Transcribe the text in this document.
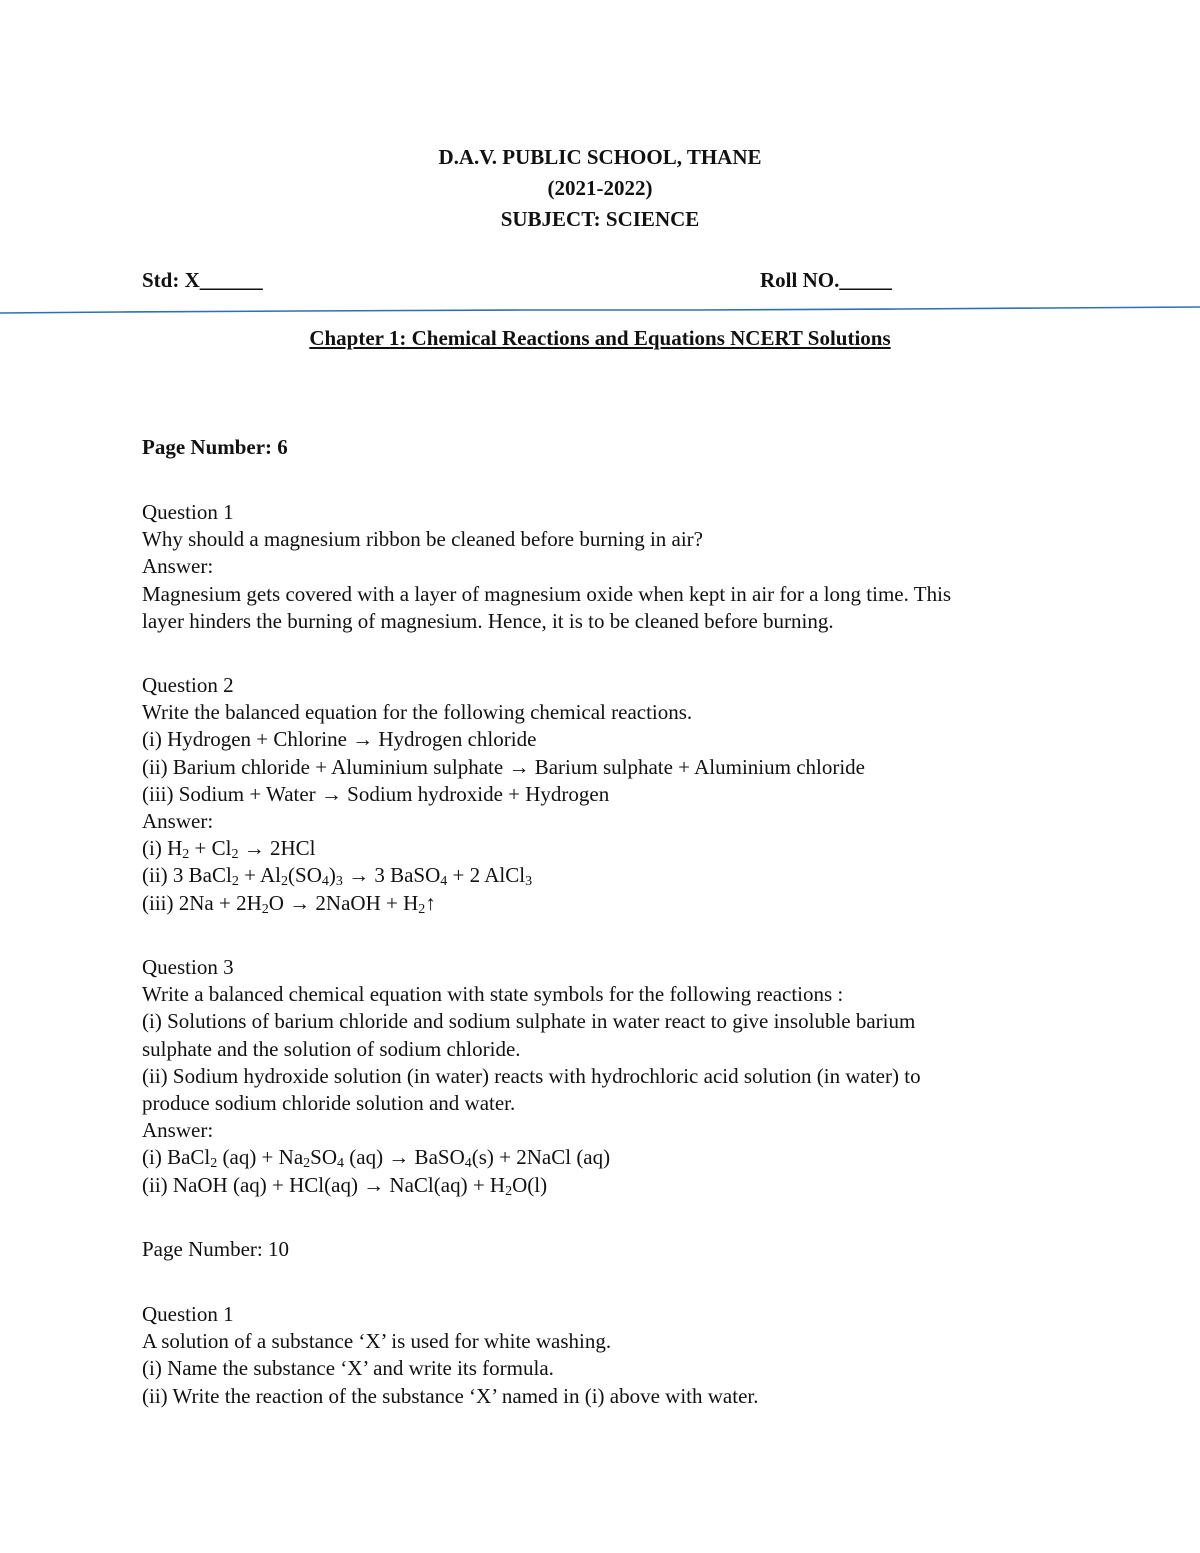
D.A.V. PUBLIC SCHOOL, THANE
(2021-2022)
SUBJECT: SCIENCE
Std: X______	Roll NO._____
Chapter 1: Chemical Reactions and Equations NCERT Solutions

Page Number: 6

Question 1

Why should a magnesium ribbon be cleaned before burning in air?

Answer:

Magnesium gets covered with a layer of magnesium oxide when kept in air for a long time. This

layer hinders the burning of magnesium. Hence, it is to be cleaned before burning.

Question 2

Write the balanced equation for the following chemical reactions.

(i) Hydrogen + Chlorine → Hydrogen chloride

(ii) Barium chloride + Aluminium sulphate → Barium sulphate + Aluminium chloride

(iii) Sodium + Water → Sodium hydroxide + Hydrogen

Answer:

(i) $H_2 + Cl_2 \to 2HCl$

(ii) 3 BaCl$_2$ + $Al_2(SO_4)_3 \to 3$ BaSO$_4$ + 2 AlCl$_3$

(iii) $2Na + 2H_2O$ → 2NaOH + $H_2↑$

Question 3

Write a balanced chemical equation with state symbols for the following reactions :

(i) Solutions of barium chloride and sodium sulphate in water react to give insoluble barium

sulphate and the solution of sodium chloride.

(ii) Sodium hydroxide solution (in water) reacts with hydrochloric acid solution (in water) to

produce sodium chloride solution and water.

Answer:

(i) BaCl$_2$ $(aq) + Na_2SO_4$ (aq) → BaSO$_4$(s) + 2NaCl (aq)

(ii) NaOH (aq) + HCl(aq) → NaCl(aq) + $H_2O(l)$

Page Number: 10

Question 1

A solution of a substance ‘X’ is used for white washing.

(i) Name the substance ‘X’ and write its formula.

(ii) Write the reaction of the substance ‘X’ named in (i) above with water.
